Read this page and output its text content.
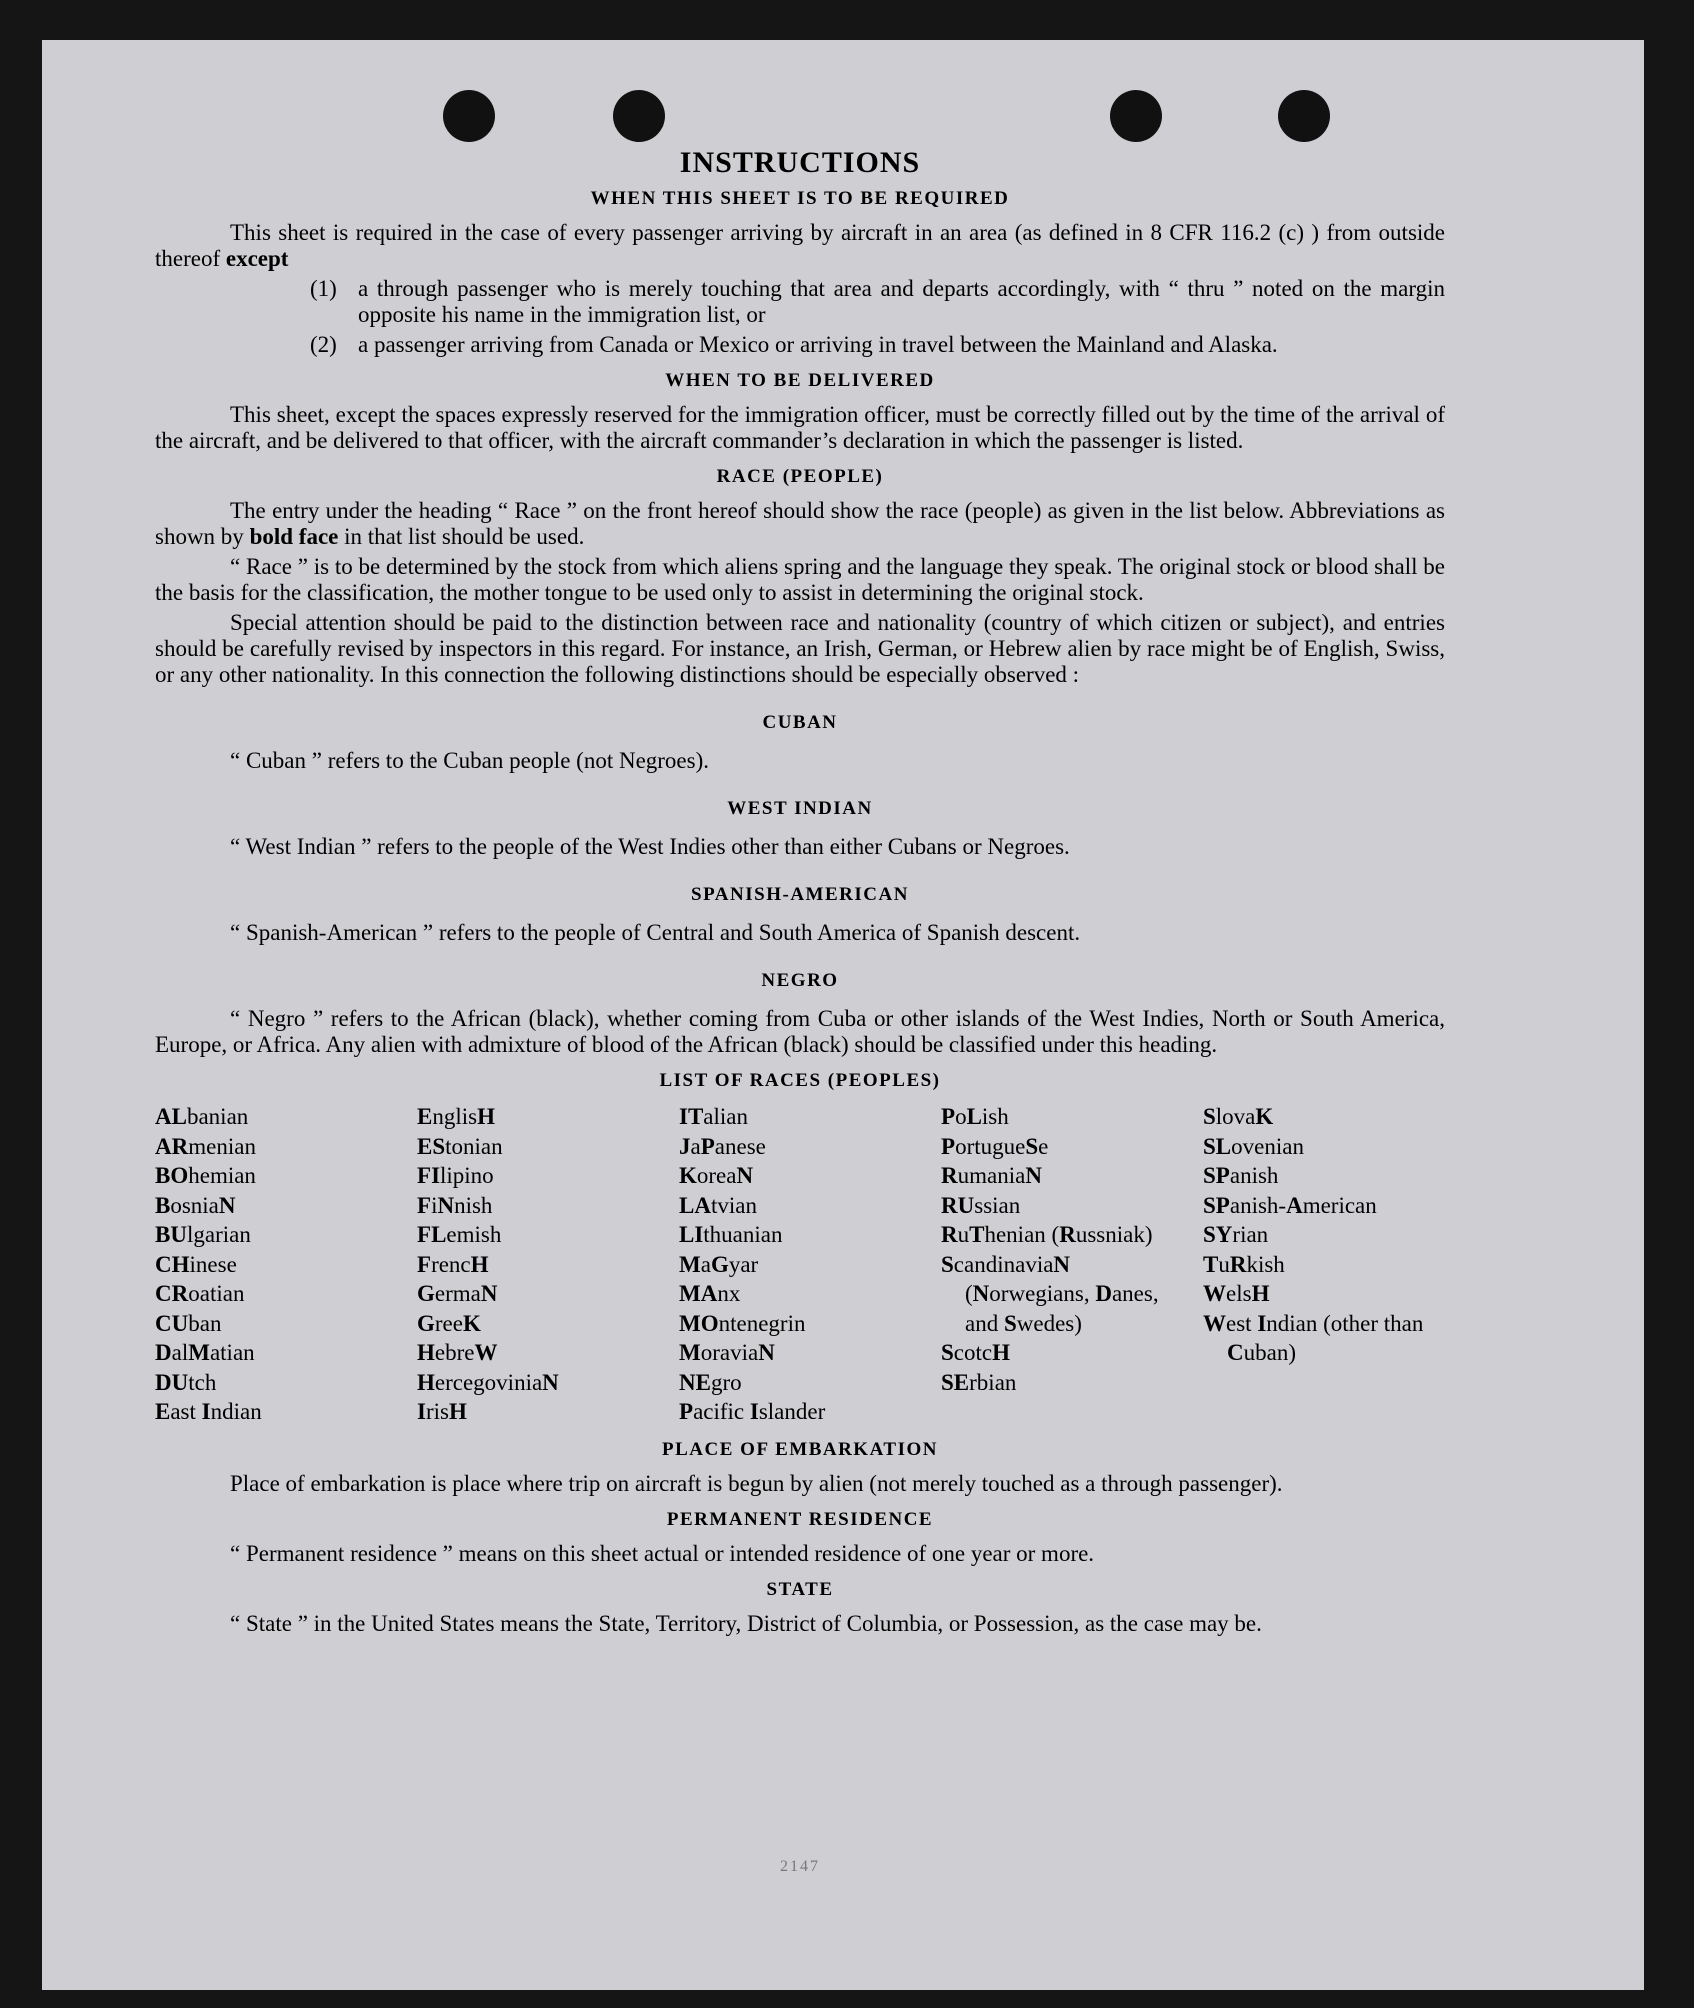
INSTRUCTIONS
WHEN THIS SHEET IS TO BE REQUIRED

This sheet is required in the case of every passenger arriving by aircraft in an area (as defined in 8 CFR 116.2 (c) ) from outside thereof except

(1) a through passenger who is merely touching that area and departs accordingly, with “ thru ” noted on the margin opposite his name in the immigration list, or
(2) a passenger arriving from Canada or Mexico or arriving in travel between the Mainland and Alaska.
WHEN TO BE DELIVERED

This sheet, except the spaces expressly reserved for the immigration officer, must be correctly filled out by the time of the arrival of the aircraft, and be delivered to that officer, with the aircraft commander’s declaration in which the passenger is listed.

RACE (PEOPLE)

The entry under the heading “ Race ” on the front hereof should show the race (people) as given in the list below. Abbreviations as shown by bold face in that list should be used.

“ Race ” is to be determined by the stock from which aliens spring and the language they speak. The original stock or blood shall be the basis for the classification, the mother tongue to be used only to assist in determining the original stock.

Special attention should be paid to the distinction between race and nationality (country of which citizen or subject), and entries should be carefully revised by inspectors in this regard. For instance, an Irish, German, or Hebrew alien by race might be of English, Swiss, or any other nationality. In this connection the following distinctions should be especially observed :

CUBAN

“ Cuban ” refers to the Cuban people (not Negroes).

WEST INDIAN

“ West Indian ” refers to the people of the West Indies other than either Cubans or Negroes.

SPANISH-AMERICAN

“ Spanish-American ” refers to the people of Central and South America of Spanish descent.

NEGRO

“ Negro ” refers to the African (black), whether coming from Cuba or other islands of the West Indies, North or South America, Europe, or Africa. Any alien with admixture of blood of the African (black) should be classified under this heading.

LIST OF RACES (PEOPLES)
ALbanian
ARmenian
BOhemian
BosniaN
BUlgarian
CHinese
CRoatian
CUban
DalMatian
DUtch
East Indian
EnglisH
EStonian
FIlipino
FiNnish
FLemish
FrencH
GermaN
GreeK
HebreW
HercegoviniaN
IrisH
ITalian
JaPanese
KoreaN
LAtvian
LIthuanian
MaGyar
MAnx
MOntenegrin
MoraviaN
NEgro
Pacific Islander
PoLish
PortugueSe
RumaniaN
RUssian
RuThenian (Russniak)
ScandinaviaN (Norwegians, Danes, and Swedes)
ScotcH
SErbian
SlovaK
SLovenian
SPanish
SPanish-American
SYrian
TuRkish
WelsH
West Indian (other than Cuban)
PLACE OF EMBARKATION

Place of embarkation is place where trip on aircraft is begun by alien (not merely touched as a through passenger).

PERMANENT RESIDENCE

“ Permanent residence ” means on this sheet actual or intended residence of one year or more.

STATE

“ State ” in the United States means the State, Territory, District of Columbia, or Possession, as the case may be.

2147
